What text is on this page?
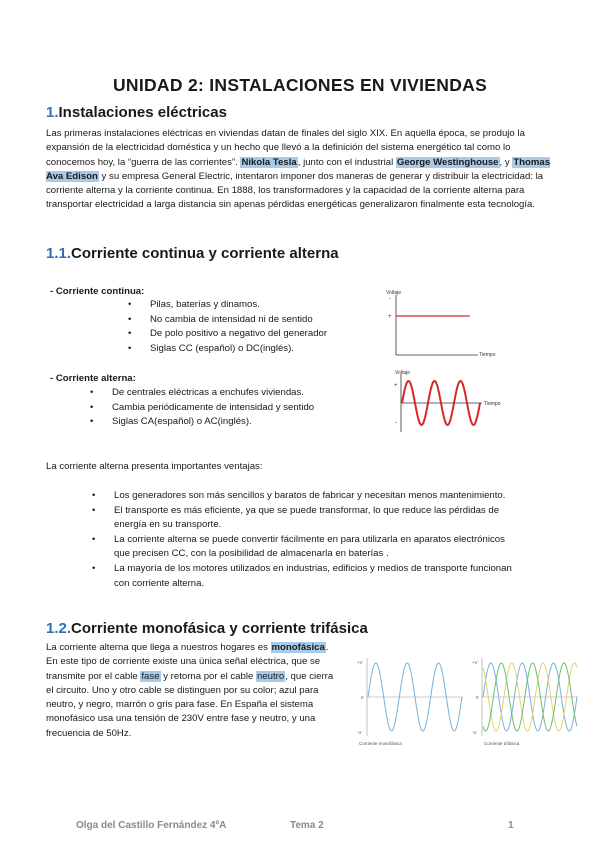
UNIDAD 2: INSTALACIONES EN VIVIENDAS
1.Instalaciones eléctricas
Las primeras instalaciones eléctricas en viviendas datan de finales del siglo XIX. En aquella época, se produjo la expansión de la electricidad doméstica y un hecho que llevó a la definición del sistema energético tal como lo conocemos hoy, la “guerra de las corrientes”. Nikola Tesla, junto con el industrial George Westinghouse, y Thomas Ava Edison y su empresa General Electric, intentaron imponer dos maneras de generar y distribuir la electricidad: la corriente alterna y la corriente continua. En 1888, los transformadores y la capacidad de la corriente alterna para transportar electricidad a larga distancia sin apenas pérdidas energéticas generalizaron finalmente esta tecnología.
1.1.Corriente continua y corriente alterna
- Corriente continua:
• Pilas, baterías y dinamos.
• No cambia de intensidad ni de sentido
• De polo positivo a negativo del generador
• Siglas CC (español) o DC(inglés).
Voltaje
-
+
Tiempo
- Corriente alterna:
• De centrales eléctricas a enchufes viviendas.
• Cambia periódicamente de intensidad y sentido
• Siglas CA(español) o AC(inglés).
Voltaje
+
-
Tiempo
La corriente alterna presenta importantes ventajas:
• Los generadores son más sencillos y baratos de fabricar y necesitan menos mantenimiento.
• El transporte es más eficiente, ya que se puede transformar, lo que reduce las pérdidas de energía en su transporte.
• La corriente alterna se puede convertir fácilmente en para utilizarla en aparatos electrónicos que precisen CC, con la posibilidad de almacenarla en baterías .
• La mayoría de los motores utilizados en industrias, edificios y medios de transporte funcionan con corriente alterna.
1.2.Corriente monofásica y corriente trifásica
La corriente alterna que llega a nuestros hogares es monofásica. En este tipo de corriente existe una única señal eléctrica, que se transmite por el cable fase y retorna por el cable neutro, que cierra el circuito. Uno y otro cable se distinguen por su color; azul para neutro, y negro, marrón o gris para fase. En España el sistema monofásico usa una tensión de 230V entre fase y neutro, y una frecuencia de 50Hz.
+V
0
-V
Corriente monofásica
+V
0
-V
Corriente trifásica
Olga del Castillo Fernández 4ºA	Tema 2	1
